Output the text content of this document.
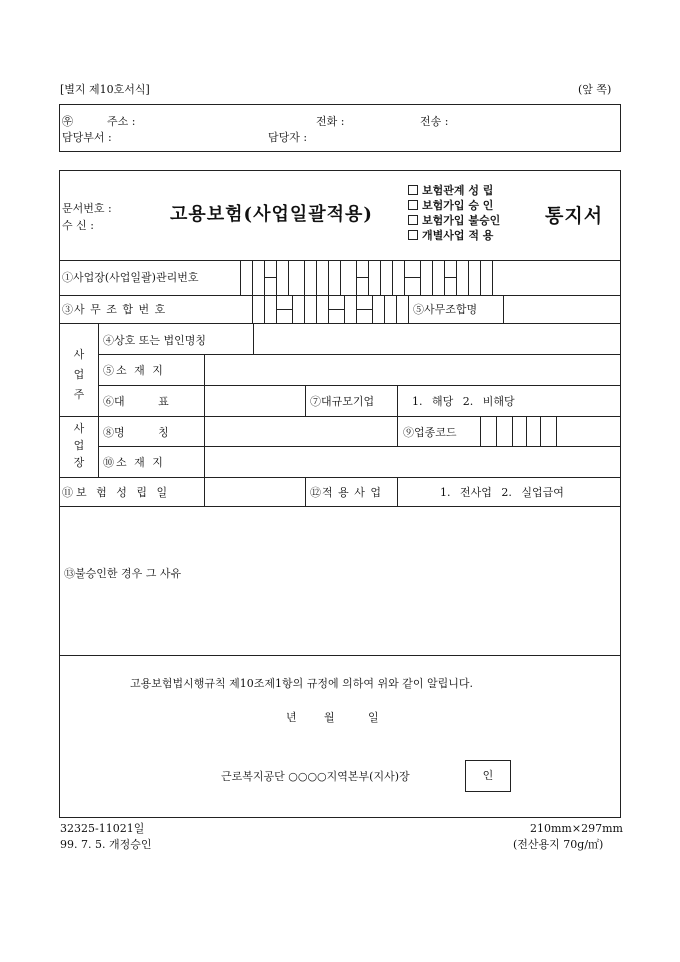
[별지 제10호서식]	(앞 쪽)
㉾	주소 :	전화 :	전송 :
담당부서 :	담당자 :
문서번호 :
수 신 :
고용보험(사업일괄적용)
보험관계 성 립
보험가입 승 인
보험가입 불승인
개별사업 적 용
통지서
①사업장(사업일괄)관리번호
③사 무 조 합 번 호	⑤사무조합명
사업주
④상호 또는 법인명칭
⑤소 재 지
⑥대 표	⑦대규모기업	1. 해당 2. 비해당
사업장
⑧명 칭	⑨업종코드
⑩소 재 지
⑪보 험 성 립 일	⑫적 용 사 업	1. 전사업 2. 실업급여
⑬불승인한 경우 그 사유
고용보험법시행규칙 제10조제1항의 규정에 의하여 위와 같이 알립니다.
년 월	일
근로복지공단 ○○○○지역본부(지사)장	인
32325-11021일
99. 7. 5. 개정승인
210mm×297mm
(전산용지 70g/㎡)
